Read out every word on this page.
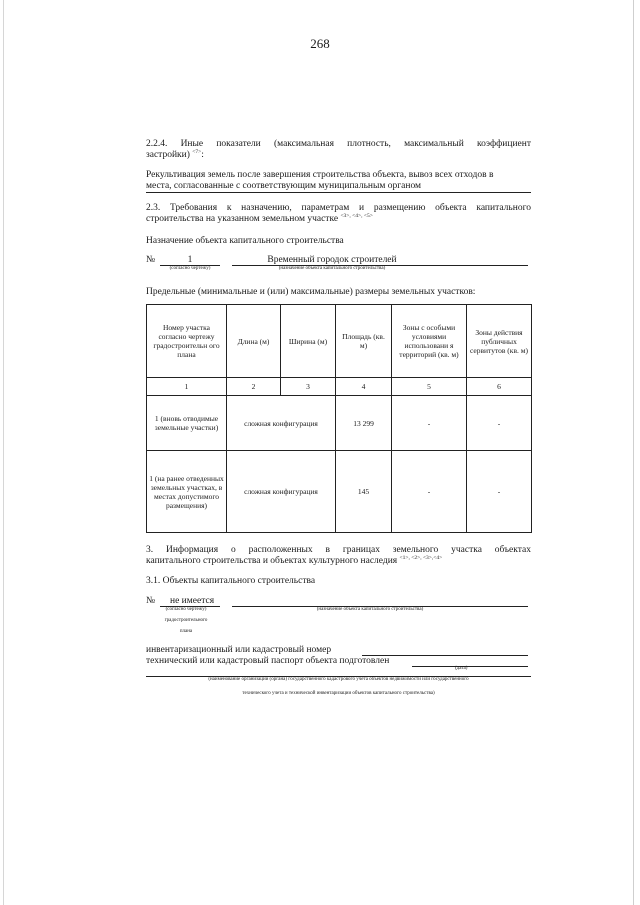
268
2.2.4. Иные показатели (максимальная плотность, максимальный коэффициент
застройки) $^{<7>}$:
Рекультивация земель после завершения строительства объекта, вывоз всех отходов в
места, согласованные с соответствующим муниципальным органом
2.3. Требования к назначению, параметрам и размещению объекта капитального
строительства на указанном земельном участке $^{<3>, <4>, <5>}$
Назначение объекта капитального строительства
№	1
(согласно чертежу)
Временный городок строителей
(назначение объекта капитального строительства)
Предельные (минимальные и (или) максимальные) размеры земельных участков:
Номер участка согласно чертежу градостроительн ого плана	Длина (м)	Ширина (м)	Площадь (кв. м)	Зоны с особыми условиями использовани я территорий (кв. м)	Зоны действия публичных сервитутов (кв. м)
1	2	3	4	5	6
1 (вновь отводимые земельные участки)	сложная конфигурация		13 299	-	-
1 (на ранее отведенных земельных участках, в местах допустимого размещения)	сложная конфигурация		145	-	-
3. Информация о расположенных в границах земельного участка объектах
капитального строительства и объектах культурного наследия $^{<1>, <2>, <3>,<4>}$
3.1. Объекты капитального строительства
№ не имеется
(согласно чертежу)
градостроительного
плана
(назначение объекта капитального строительства)
инвентаризационный или кадастровый номер
технический или кадастровый паспорт объекта подготовлен
(дата)
(наименование организации (органа) государственного кадастрового учета объектов недвижимости или государственного
технического учета и технической инвентаризации объектов капитального строительства)
